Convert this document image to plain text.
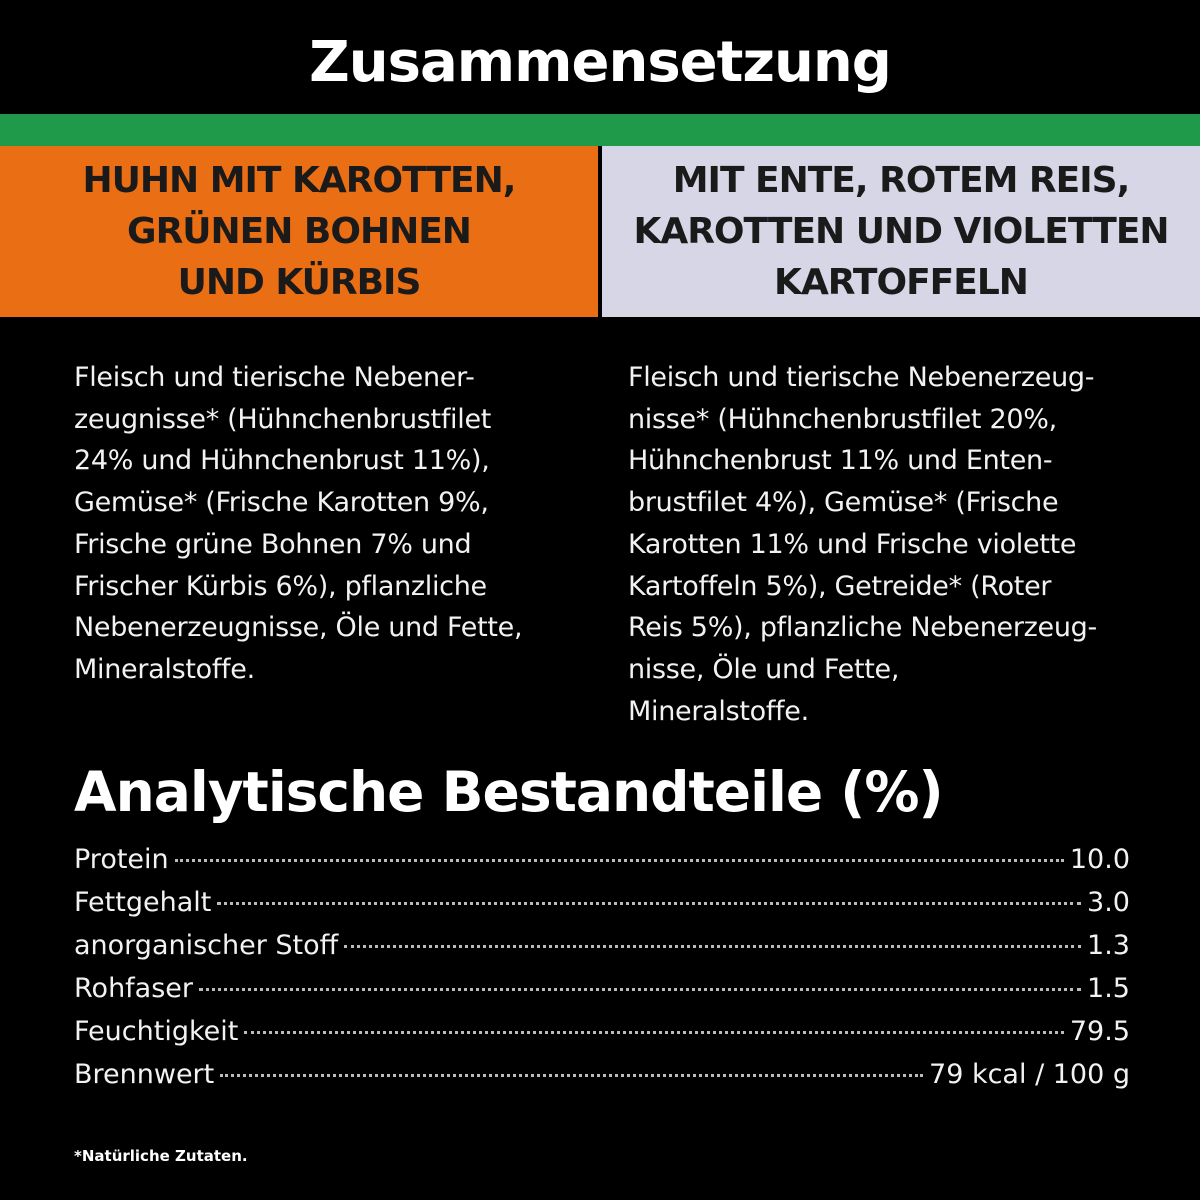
Zusammensetzung
HUHN MIT KAROTTEN,
GRÜNEN BOHNEN
UND KÜRBIS
MIT ENTE, ROTEM REIS,
KAROTTEN UND VIOLETTEN
KARTOFFELN
Fleisch und tierische Nebener-
zeugnisse* (Hühnchenbrustfilet
24% und Hühnchenbrust 11%),
Gemüse* (Frische Karotten 9%,
Frische grüne Bohnen 7% und
Frischer Kürbis 6%), pflanzliche
Nebenerzeugnisse, Öle und Fette,
Mineralstoffe.
Fleisch und tierische Nebenerzeug-
nisse* (Hühnchenbrustfilet 20%,
Hühnchenbrust 11% und Enten-
brustfilet 4%), Gemüse* (Frische
Karotten 11% und Frische violette
Kartoffeln 5%), Getreide* (Roter
Reis 5%), pflanzliche Nebenerzeug-
nisse, Öle und Fette,
Mineralstoffe.
Analytische Bestandteile (%)
Protein	10.0
Fettgehalt	3.0
anorganischer Stoff	1.3
Rohfaser	1.5
Feuchtigkeit	79.5
Brennwert	79 kcal / 100 g
*Natürliche Zutaten.
